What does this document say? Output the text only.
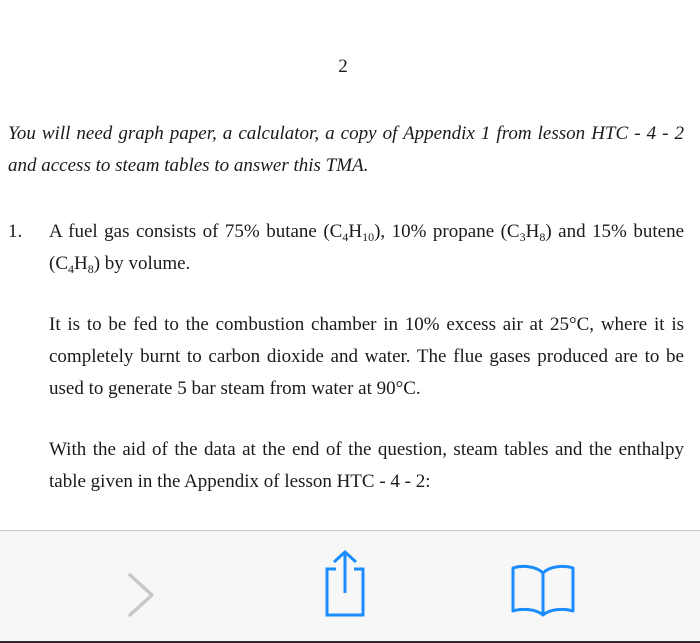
2

You will need graph paper, a calculator, a copy of Appendix 1 from lesson HTC - 4 - 2 and access to steam tables to answer this TMA.

1. A fuel gas consists of 75% butane $(C_4H_{10})$, 10% propane $(C_3H_8)$ and 15% butene $(C_4H_8)$ by volume.

It is to be fed to the combustion chamber in 10% excess air at 25°C, where it is completely burnt to carbon dioxide and water. The flue gases produced are to be used to generate 5 bar steam from water at 90°C.

With the aid of the data at the end of the question, steam tables and the enthalpy table given in the Appendix of lesson HTC - 4 - 2:
